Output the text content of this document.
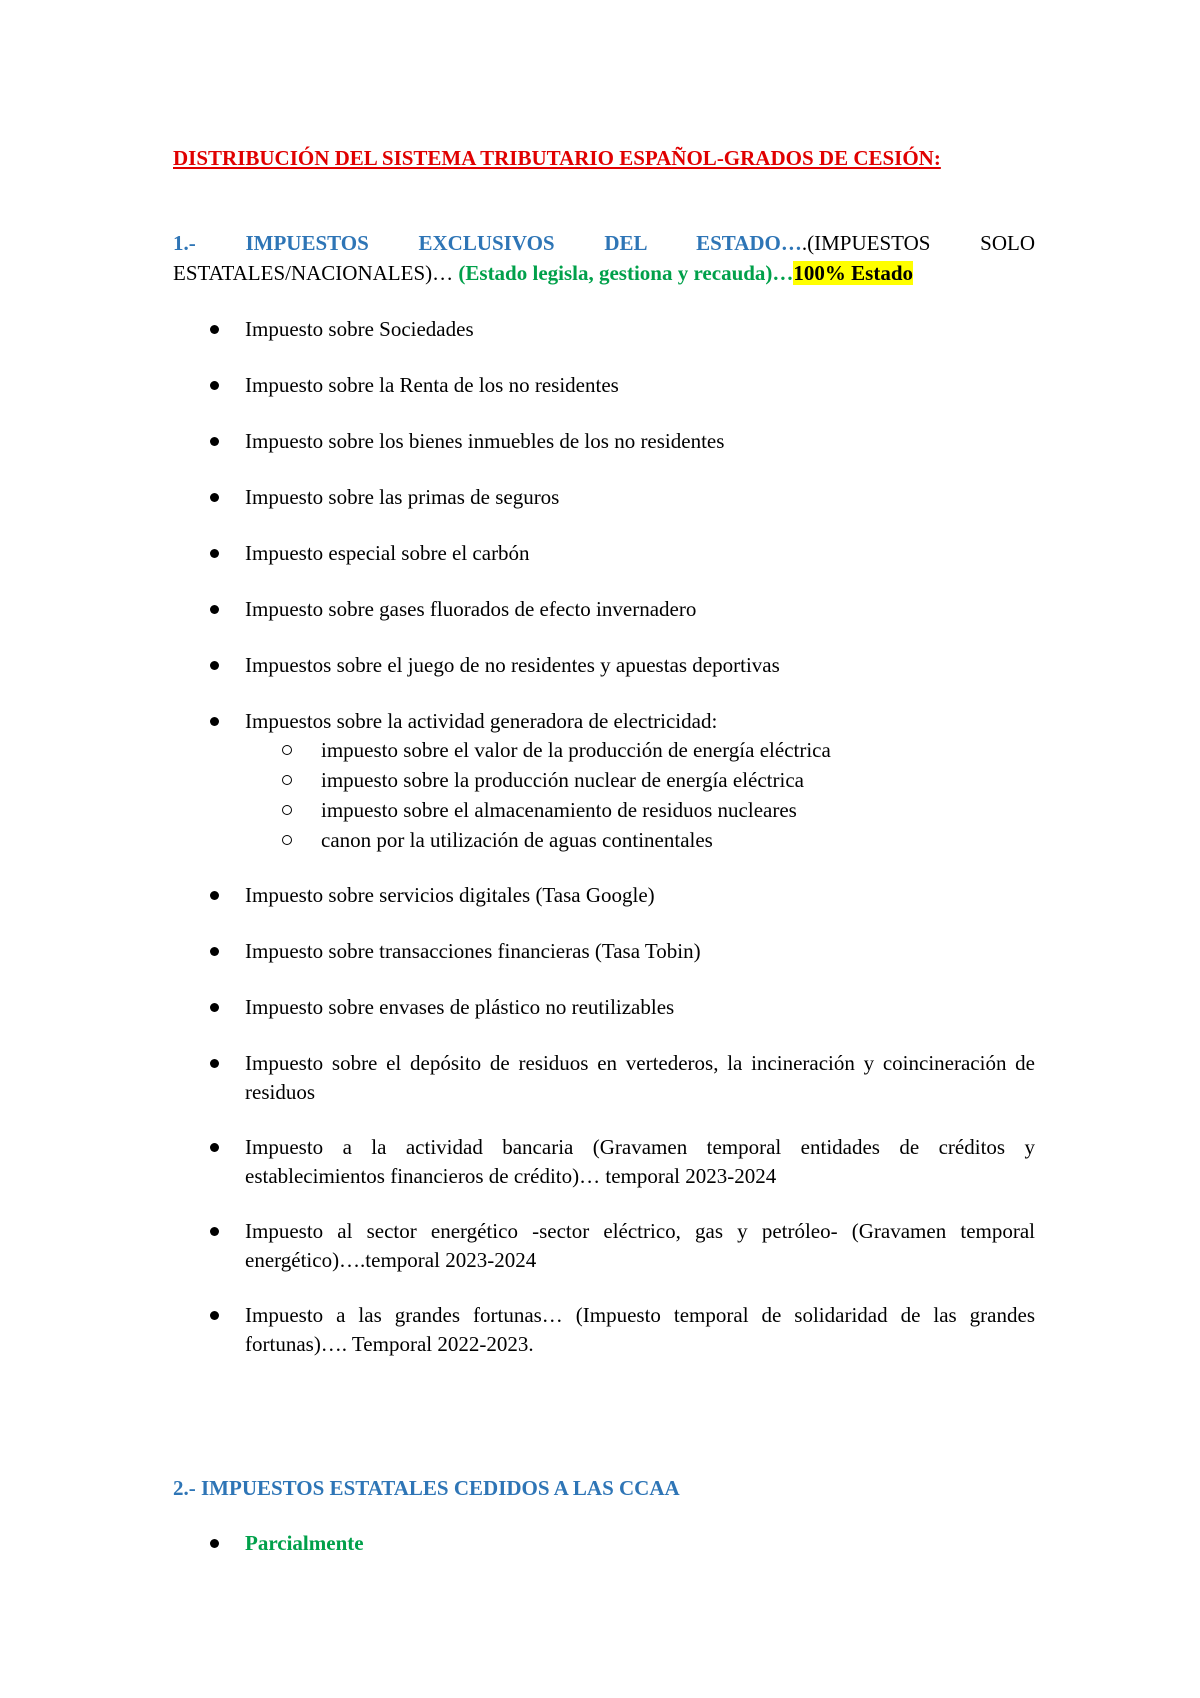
DISTRIBUCIÓN DEL SISTEMA TRIBUTARIO ESPAÑOL-GRADOS DE CESIÓN:
1.- IMPUESTOS EXCLUSIVOS DEL ESTADO….(IMPUESTOS SOLO ESTATALES/NACIONALES)… (Estado legisla, gestiona y recauda)…100% Estado
Impuesto sobre Sociedades
Impuesto sobre la Renta de los no residentes
Impuesto sobre los bienes inmuebles de los no residentes
Impuesto sobre las primas de seguros
Impuesto especial sobre el carbón
Impuesto sobre gases fluorados de efecto invernadero
Impuestos sobre el juego de no residentes y apuestas deportivas
Impuestos sobre la actividad generadora de electricidad:
impuesto sobre el valor de la producción de energía eléctrica
impuesto sobre la producción nuclear de energía eléctrica
impuesto sobre el almacenamiento de residuos nucleares
canon por la utilización de aguas continentales
Impuesto sobre servicios digitales (Tasa Google)
Impuesto sobre transacciones financieras (Tasa Tobin)
Impuesto sobre envases de plástico no reutilizables
Impuesto sobre el depósito de residuos en vertederos, la incineración y coincineración de residuos
Impuesto a la actividad bancaria (Gravamen temporal entidades de créditos y establecimientos financieros de crédito)… temporal 2023-2024
Impuesto al sector energético -sector eléctrico, gas y petróleo- (Gravamen temporal energético)….temporal 2023-2024
Impuesto a las grandes fortunas… (Impuesto temporal de solidaridad de las grandes fortunas)…. Temporal 2022-2023.
2.- IMPUESTOS ESTATALES CEDIDOS A LAS CCAA
Parcialmente
